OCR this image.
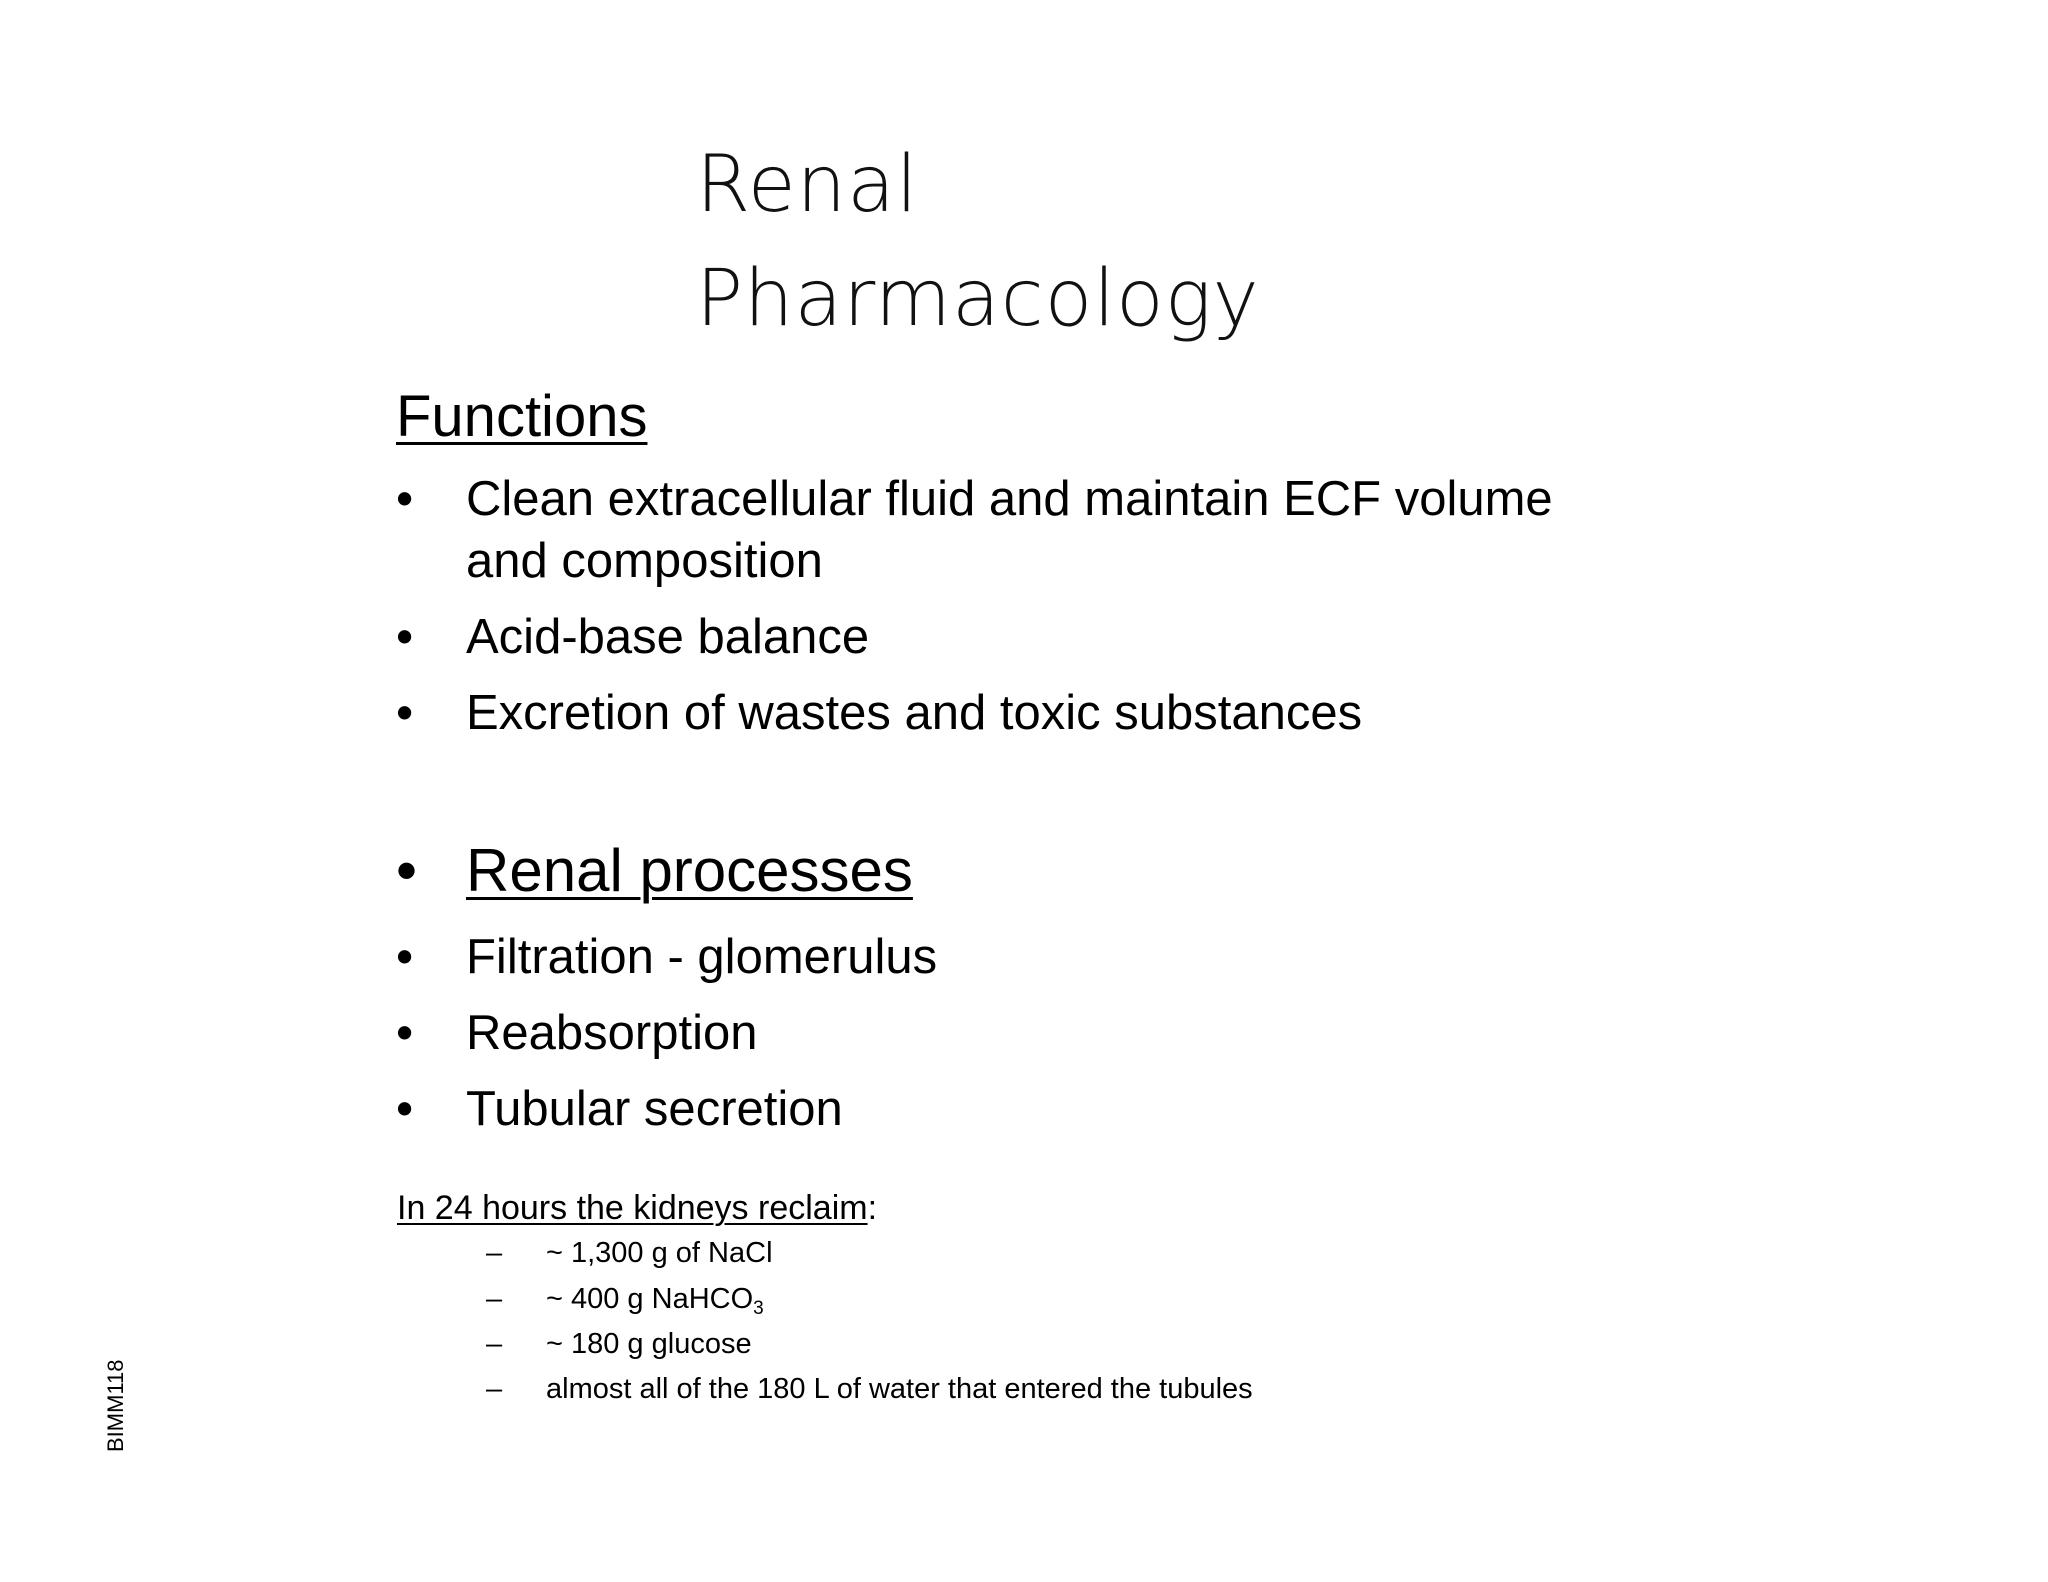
Renal
Pharmacology
Functions
• Clean extracellular fluid and maintain ECF volume
and composition
• Acid-base balance
• Excretion of wastes and toxic substances
• Renal processes
• Filtration - glomerulus
• Reabsorption
• Tubular secretion
In 24 hours the kidneys reclaim:
– ~ 1,300 g of NaCl
– ~ 400 g NaHCO$_3$
– ~ 180 g glucose
– almost all of the 180 L of water that entered the tubules
BIMM118
